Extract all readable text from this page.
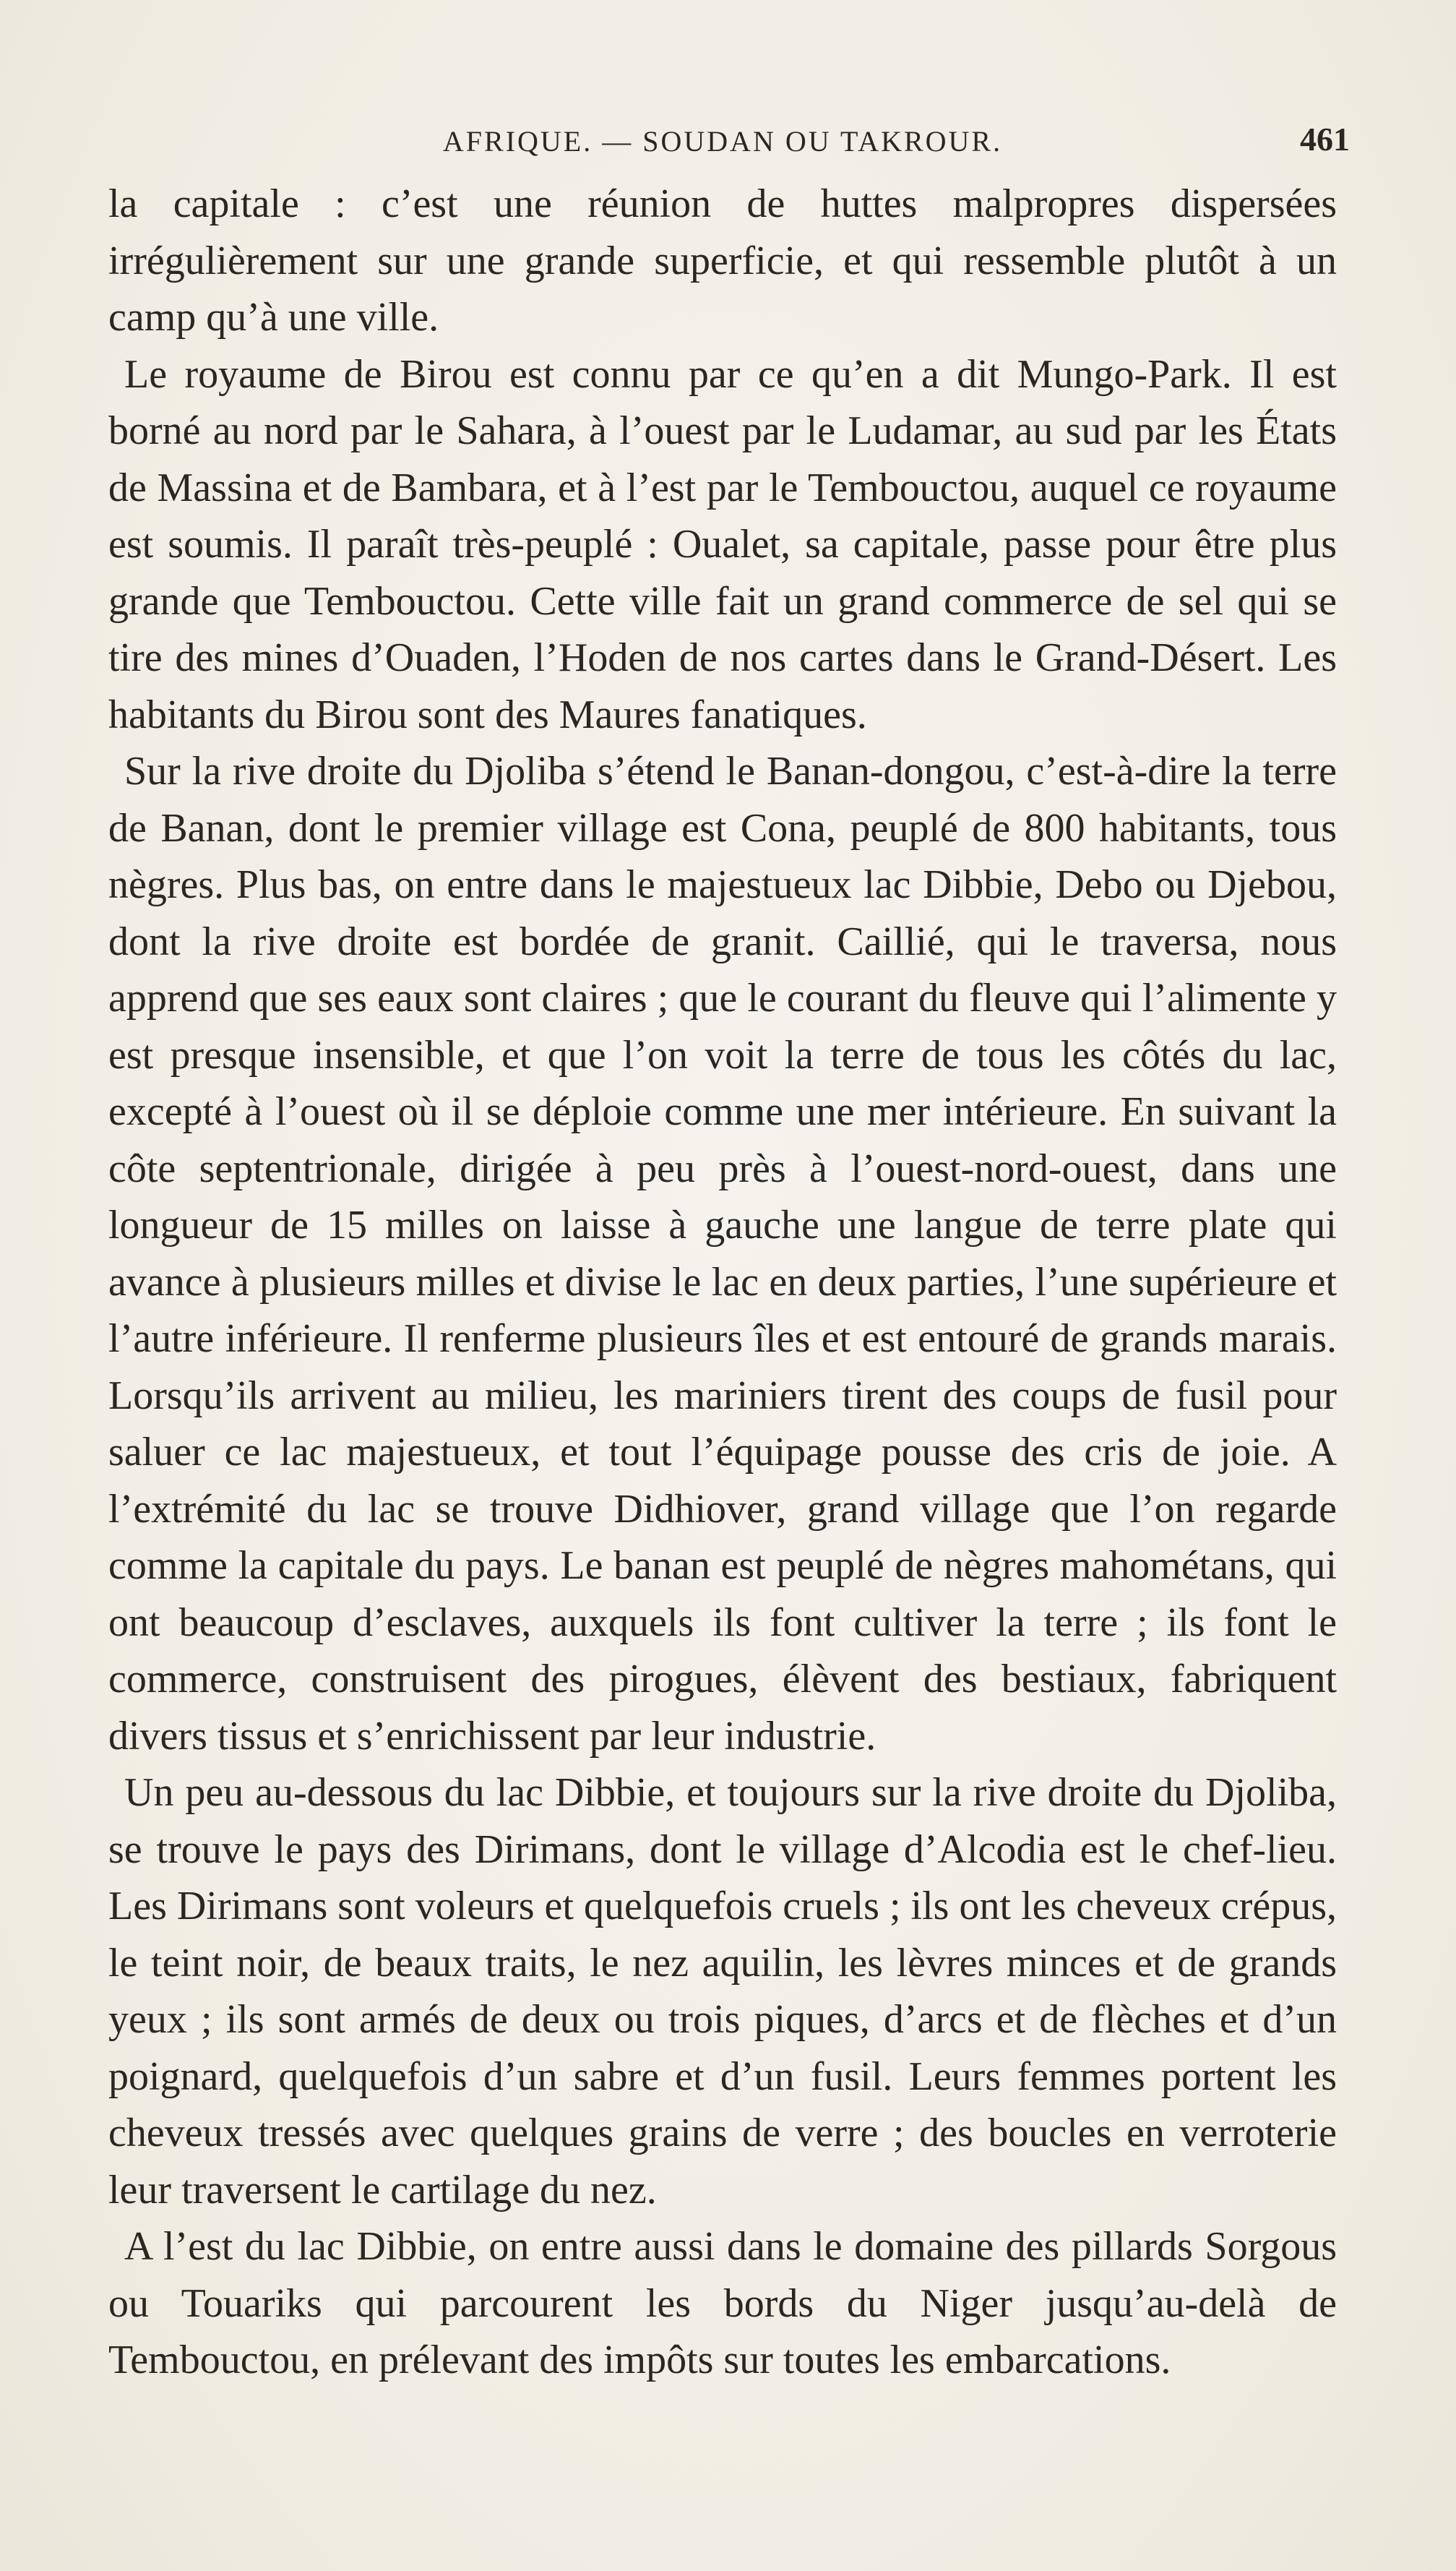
AFRIQUE. — SOUDAN OU TAKROUR.	461

la capitale : c’est une réunion de huttes malpropres dispersées irrégulièrement sur une grande superficie, et qui ressemble plutôt à un camp qu’à une ville.

Le royaume de Birou est connu par ce qu’en a dit Mungo-Park. Il est borné au nord par le Sahara, à l’ouest par le Ludamar, au sud par les États de Massina et de Bambara, et à l’est par le Tembouctou, auquel ce royaume est soumis. Il paraît très-peuplé : Oualet, sa capitale, passe pour être plus grande que Tembouctou. Cette ville fait un grand commerce de sel qui se tire des mines d’Ouaden, l’Hoden de nos cartes dans le Grand-Désert. Les habitants du Birou sont des Maures fanatiques.

Sur la rive droite du Djoliba s’étend le Banan-dongou, c’est-à-dire la terre de Banan, dont le premier village est Cona, peuplé de 800 habitants, tous nègres. Plus bas, on entre dans le majestueux lac Dibbie, Debo ou Djebou, dont la rive droite est bordée de granit. Caillié, qui le traversa, nous apprend que ses eaux sont claires ; que le courant du fleuve qui l’alimente y est presque insensible, et que l’on voit la terre de tous les côtés du lac, excepté à l’ouest où il se déploie comme une mer intérieure. En suivant la côte septentrionale, dirigée à peu près à l’ouest-nord-ouest, dans une longueur de 15 milles on laisse à gauche une langue de terre plate qui avance à plusieurs milles et divise le lac en deux parties, l’une supérieure et l’autre inférieure. Il renferme plusieurs îles et est entouré de grands marais. Lorsqu’ils arrivent au milieu, les mariniers tirent des coups de fusil pour saluer ce lac majestueux, et tout l’équipage pousse des cris de joie. A l’extrémité du lac se trouve Didhiover, grand village que l’on regarde comme la capitale du pays. Le banan est peuplé de nègres mahométans, qui ont beaucoup d’esclaves, auxquels ils font cultiver la terre ; ils font le commerce, construisent des pirogues, élèvent des bestiaux, fabriquent divers tissus et s’enrichissent par leur industrie.

Un peu au-dessous du lac Dibbie, et toujours sur la rive droite du Djoliba, se trouve le pays des Dirimans, dont le village d’Alcodia est le chef-lieu. Les Dirimans sont voleurs et quelquefois cruels ; ils ont les cheveux crépus, le teint noir, de beaux traits, le nez aquilin, les lèvres minces et de grands yeux ; ils sont armés de deux ou trois piques, d’arcs et de flèches et d’un poignard, quelquefois d’un sabre et d’un fusil. Leurs femmes portent les cheveux tressés avec quelques grains de verre ; des boucles en verroterie leur traversent le cartilage du nez.

A l’est du lac Dibbie, on entre aussi dans le domaine des pillards Sorgous ou Touariks qui parcourent les bords du Niger jusqu’au-delà de Tembouctou, en prélevant des impôts sur toutes les embarcations.
